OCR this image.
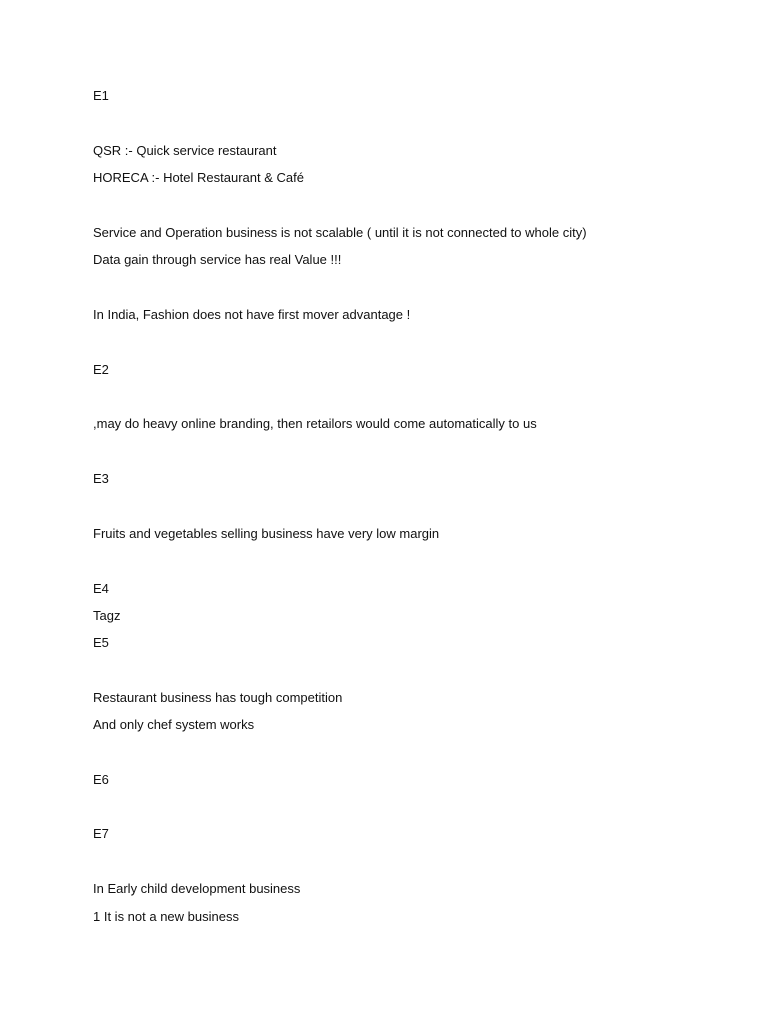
E1
QSR :- Quick service restaurant
HORECA :- Hotel Restaurant & Café
Service and Operation business is not scalable ( until it is not connected to whole city)
Data gain through service has real Value !!!
In India, Fashion does not have first mover advantage !
E2
,may do heavy online branding, then retailors would come automatically to us
E3
Fruits and vegetables selling business have very low margin
E4
Tagz
E5
Restaurant business has tough competition
And only chef system works
E6
E7
In Early child development business
1 It is not a new business
